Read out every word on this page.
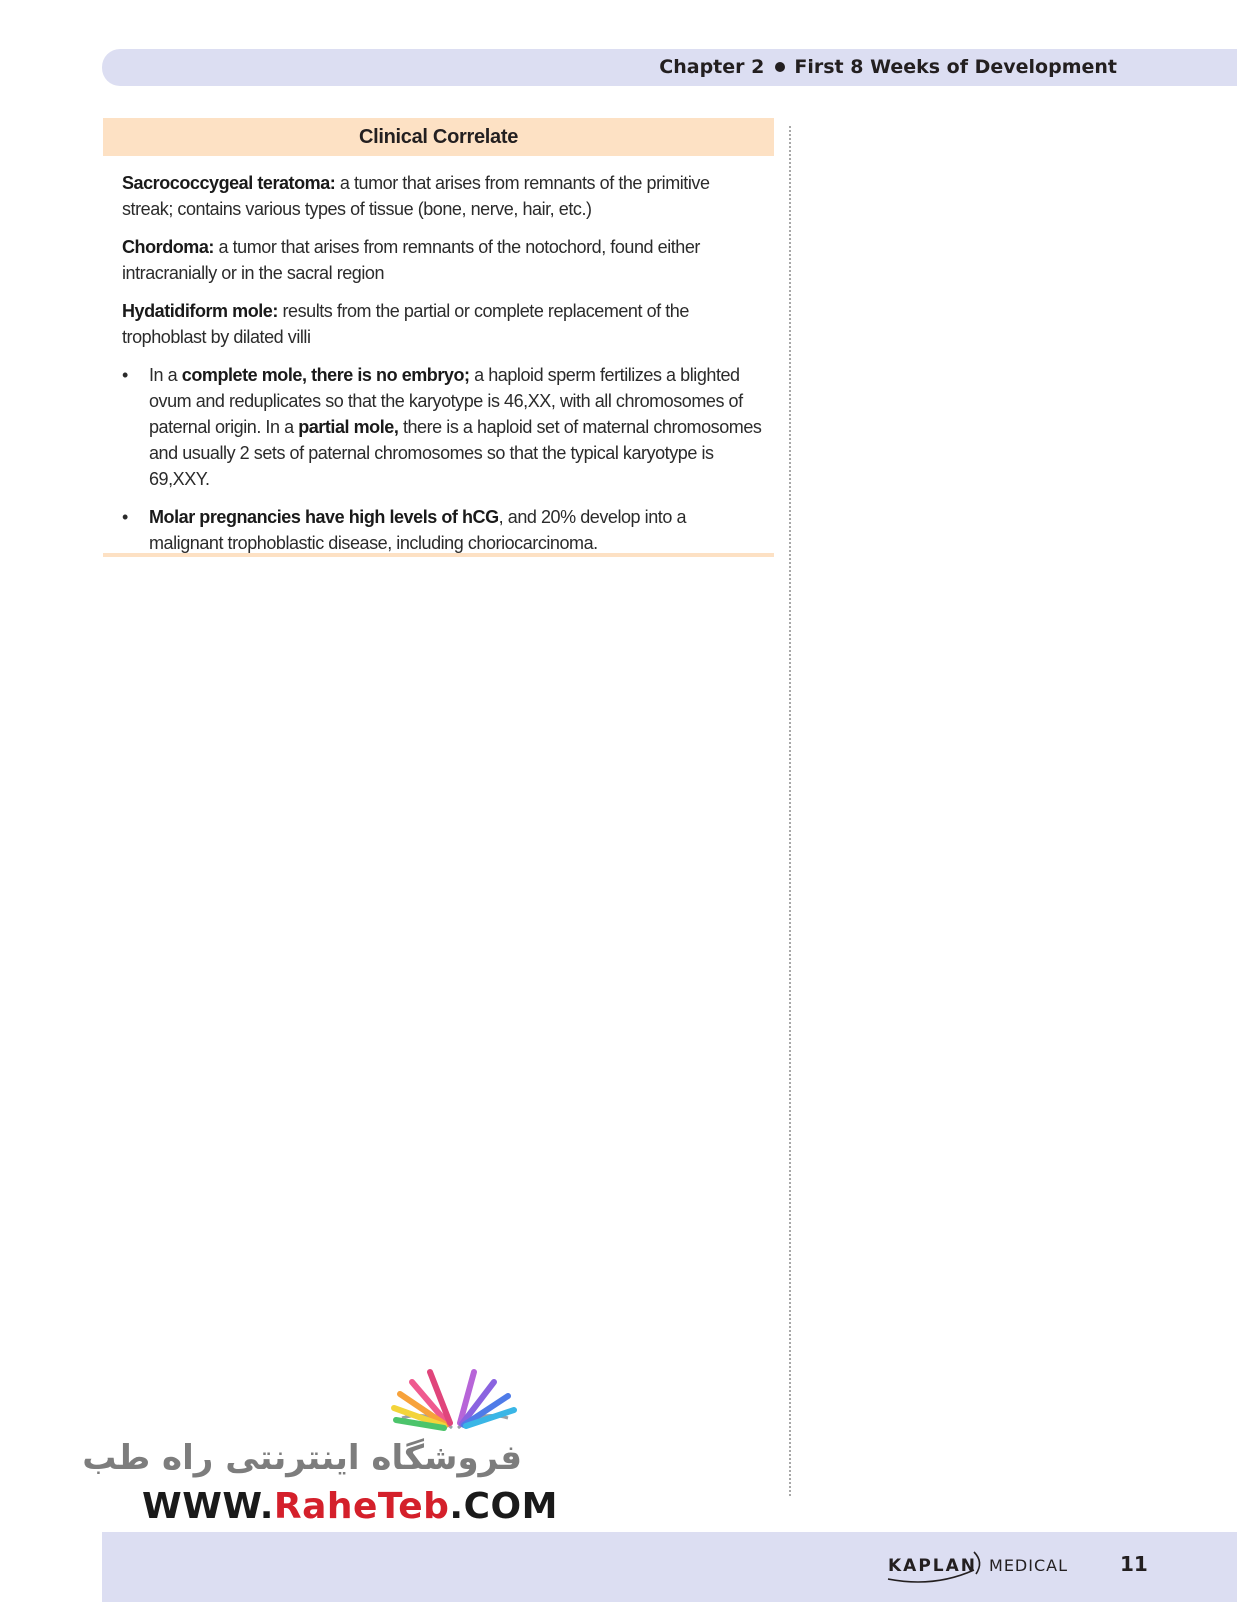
Chapter 2 First 8 Weeks of Development
Clinical Correlate

Sacrococcygeal teratoma: a tumor that arises from remnants of the primitive streak; contains various types of tissue (bone, nerve, hair, etc.)

Chordoma: a tumor that arises from remnants of the notochord, found either intracranially or in the sacral region

Hydatidiform mole: results from the partial or complete replacement of the trophoblast by dilated villi

• In a complete mole, there is no embryo; a haploid sperm fertilizes a blighted ovum and reduplicates so that the karyotype is 46,XX, with all chromosomes of paternal origin. In a partial mole, there is a haploid set of maternal chromosomes and usually 2 sets of paternal chromosomes so that the typical karyotype is 69,XXY.
• Molar pregnancies have high levels of hCG, and 20% develop into a malignant trophoblastic disease, including choriocarcinoma.
فروشگاه اینترنتی راه طب
WWW.RaheTeb.COM
KAPLAN MEDICAL	11
